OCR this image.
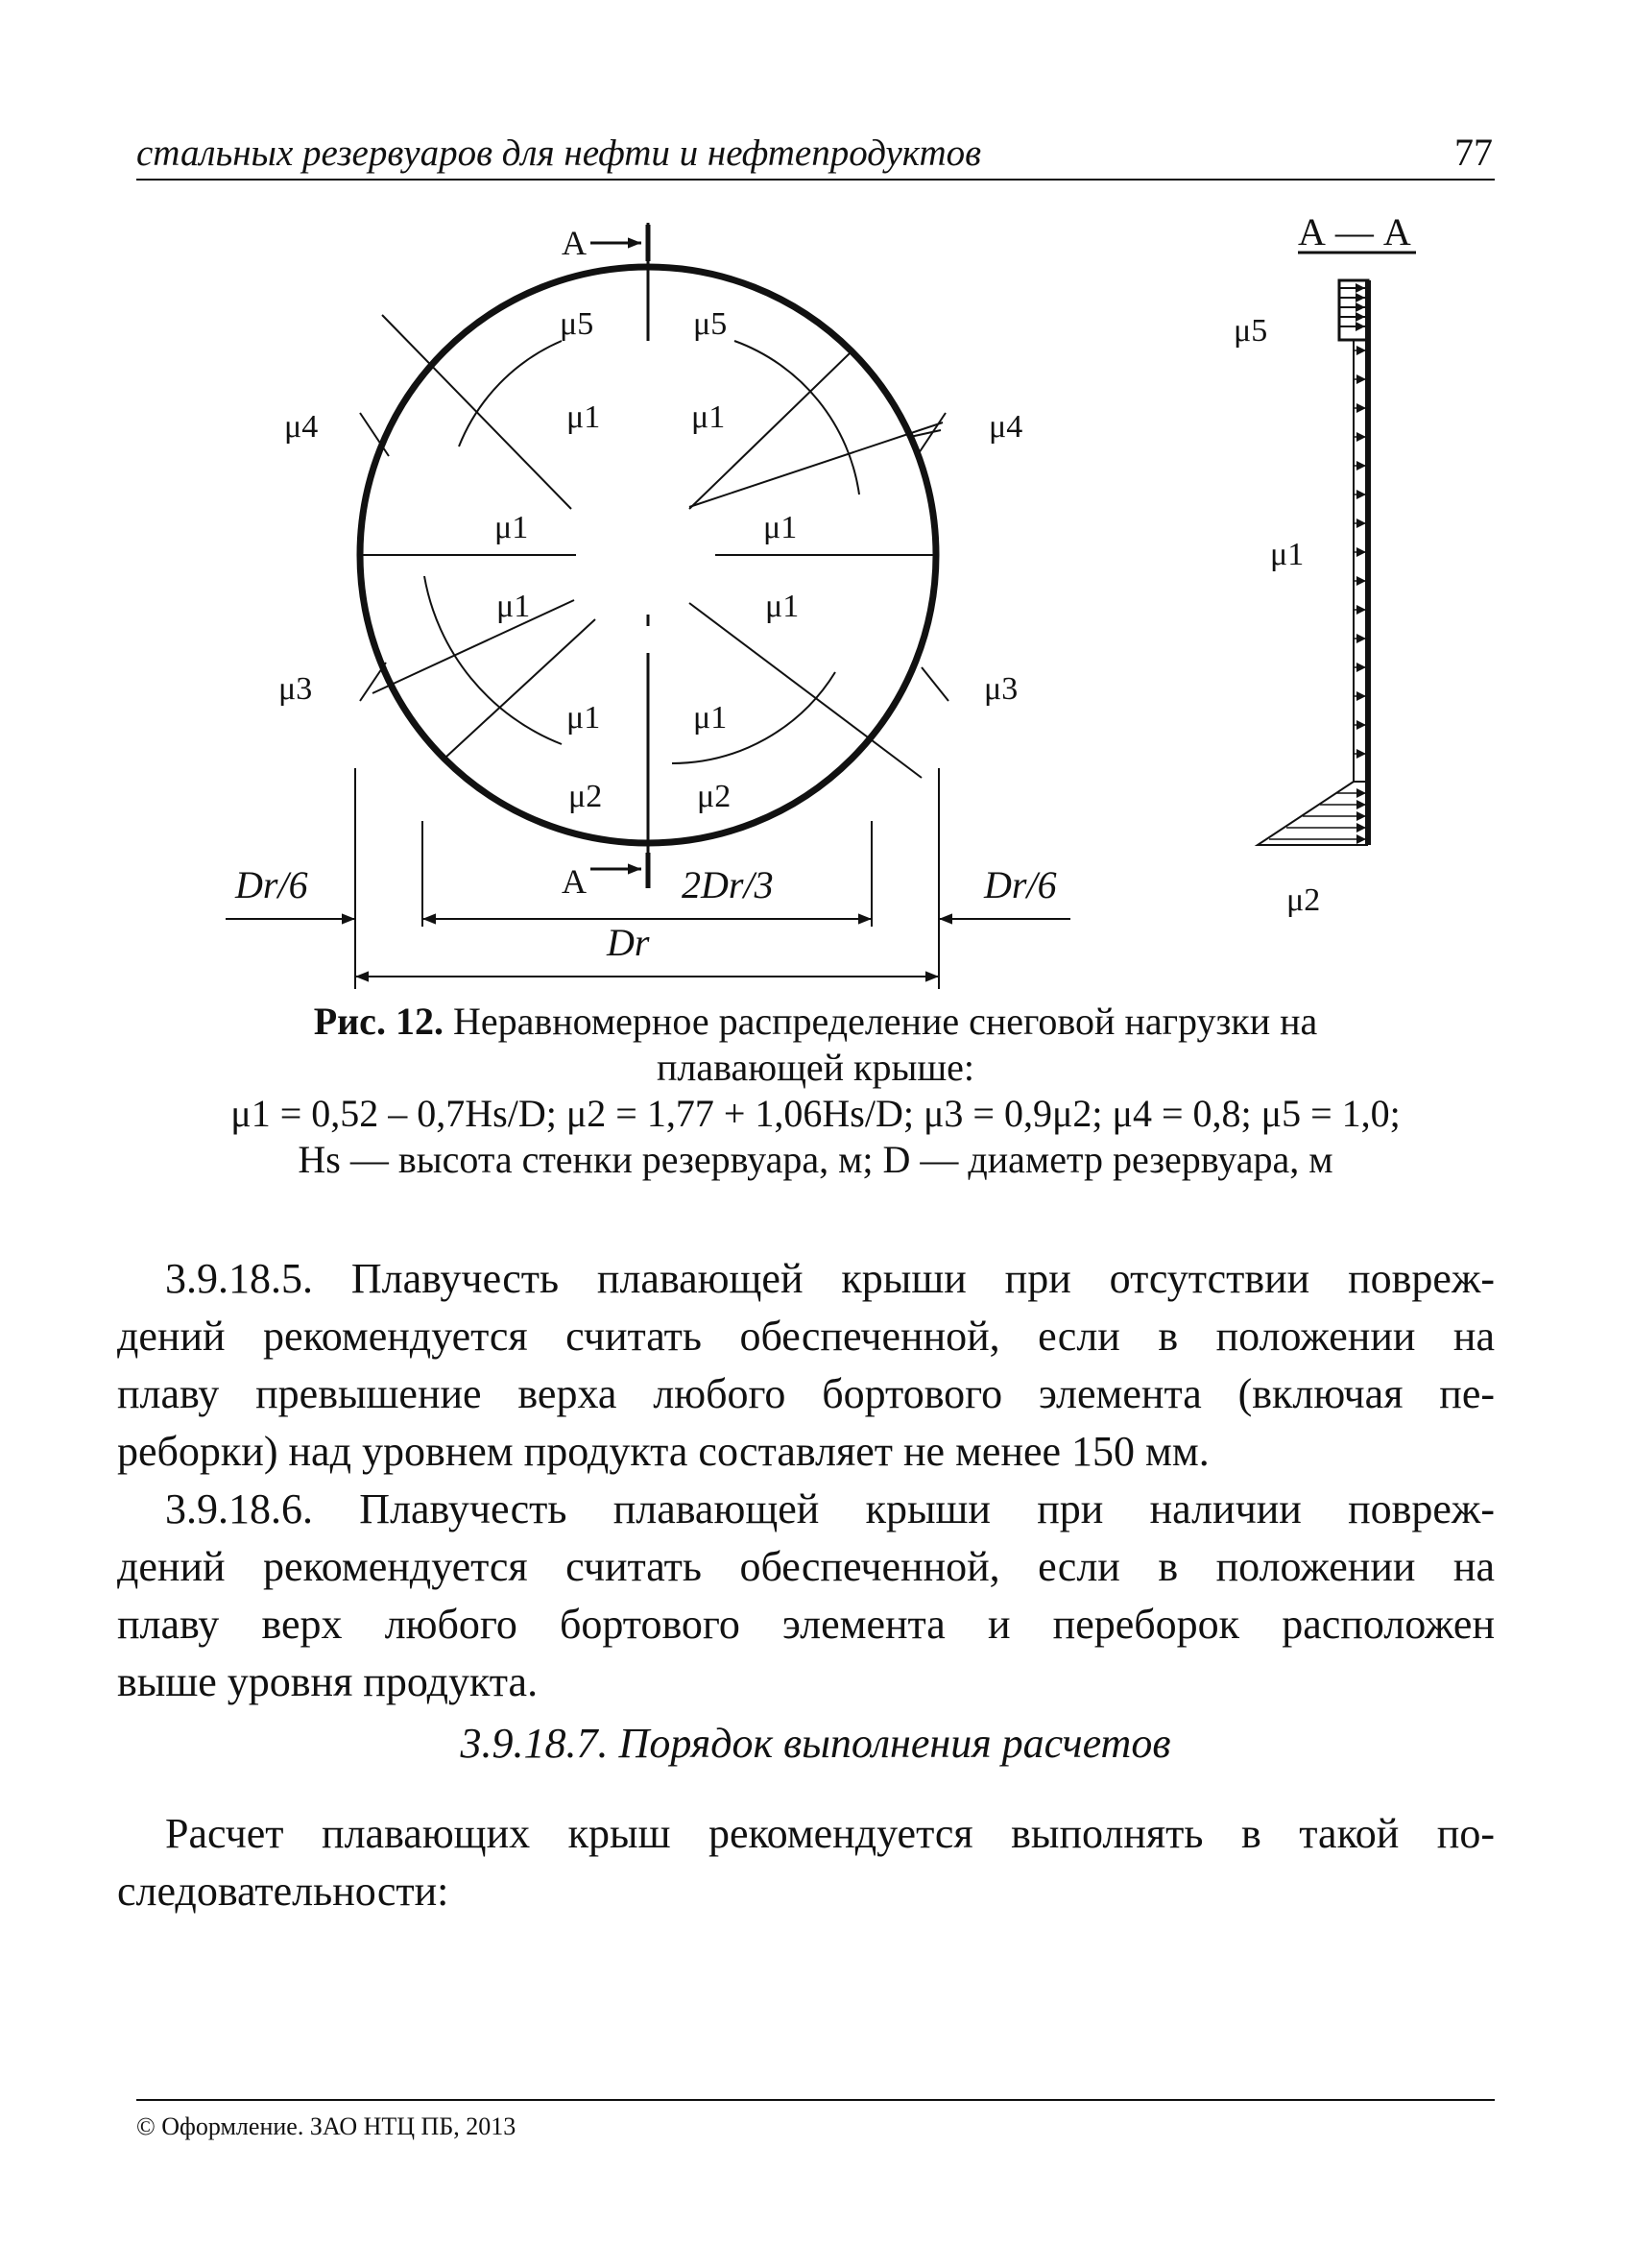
стальных резервуаров для нефти и нефтепродуктов	77
μ5	μ5
μ1	μ1
μ4	μ4
μ1	μ1
μ1	μ1
μ3	μ3
μ1	μ1
μ2	μ2
А
А
Dr/6	2Dr/3	Dr/6
Dr
А — А
μ5
μ1
μ2
Рис. 12. Неравномерное распределение снеговой нагрузки на
плавающей крыше:
μ1 = 0,52 – 0,7Hs/D; μ2 = 1,77 + 1,06Hs/D; μ3 = 0,9μ2; μ4 = 0,8; μ5 = 1,0;
Hs — высота стенки резервуара, м; D — диаметр резервуара, м

3.9.18.5. Плавучесть плавающей крыши при отсутствии повреж-
дений рекомендуется считать обеспеченной, если в положении на
плаву превышение верха любого бортового элемента (включая пе-
реборки) над уровнем продукта составляет не менее 150 мм.

3.9.18.6. Плавучесть плавающей крыши при наличии повреж-
дений рекомендуется считать обеспеченной, если в положении на
плаву верх любого бортового элемента и переборок расположен
выше уровня продукта.

3.9.18.7. Порядок выполнения расчетов

Расчет плавающих крыш рекомендуется выполнять в такой по-
следовательности:

© Оформление. ЗАО НТЦ ПБ, 2013
